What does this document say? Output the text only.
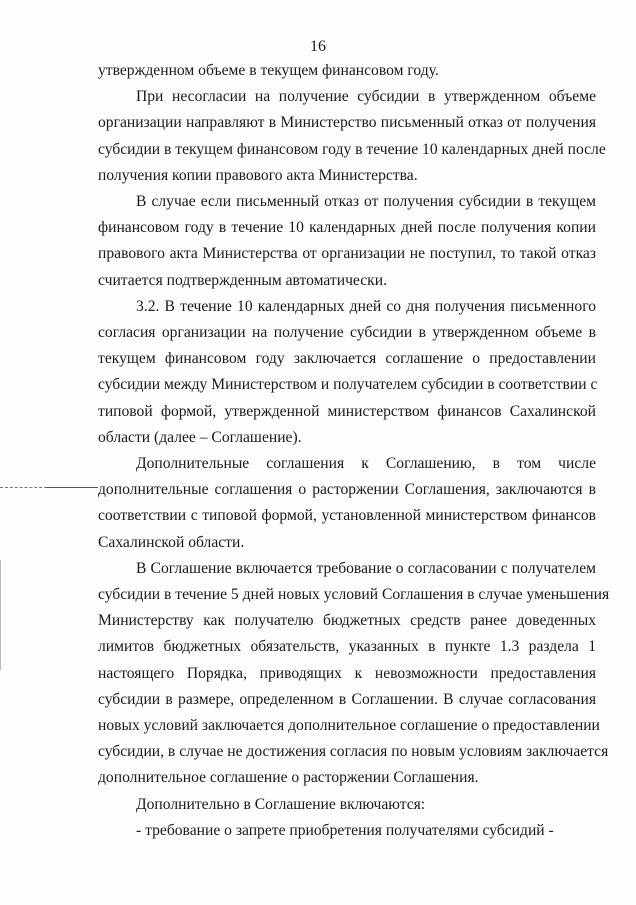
16
утвержденном объеме в текущем финансовом году.
При несогласии на получение субсидии в утвержденном объеме
организации направляют в Министерство письменный отказ от получения
субсидии в текущем финансовом году в течение 10 календарных дней после
получения копии правового акта Министерства.
В случае если письменный отказ от получения субсидии в текущем
финансовом году в течение 10 календарных дней после получения копии
правового акта Министерства от организации не поступил, то такой отказ
считается подтвержденным автоматически.
3.2. В течение 10 календарных дней со дня получения письменного
согласия организации на получение субсидии в утвержденном объеме в
текущем финансовом году заключается соглашение о предоставлении
субсидии между Министерством и получателем субсидии в соответствии с
типовой формой, утвержденной министерством финансов Сахалинской
области (далее – Соглашение).
Дополнительные соглашения к Соглашению, в том числе
дополнительные соглашения о расторжении Соглашения, заключаются в
соответствии с типовой формой, установленной министерством финансов
Сахалинской области.
В Соглашение включается требование о согласовании с получателем
субсидии в течение 5 дней новых условий Соглашения в случае уменьшения
Министерству как получателю бюджетных средств ранее доведенных
лимитов бюджетных обязательств, указанных в пункте 1.3 раздела 1
настоящего Порядка, приводящих к невозможности предоставления
субсидии в размере, определенном в Соглашении. В случае согласования
новых условий заключается дополнительное соглашение о предоставлении
субсидии, в случае не достижения согласия по новым условиям заключается
дополнительное соглашение о расторжении Соглашения.
Дополнительно в Соглашение включаются:
- требование о запрете приобретения получателями субсидий -
